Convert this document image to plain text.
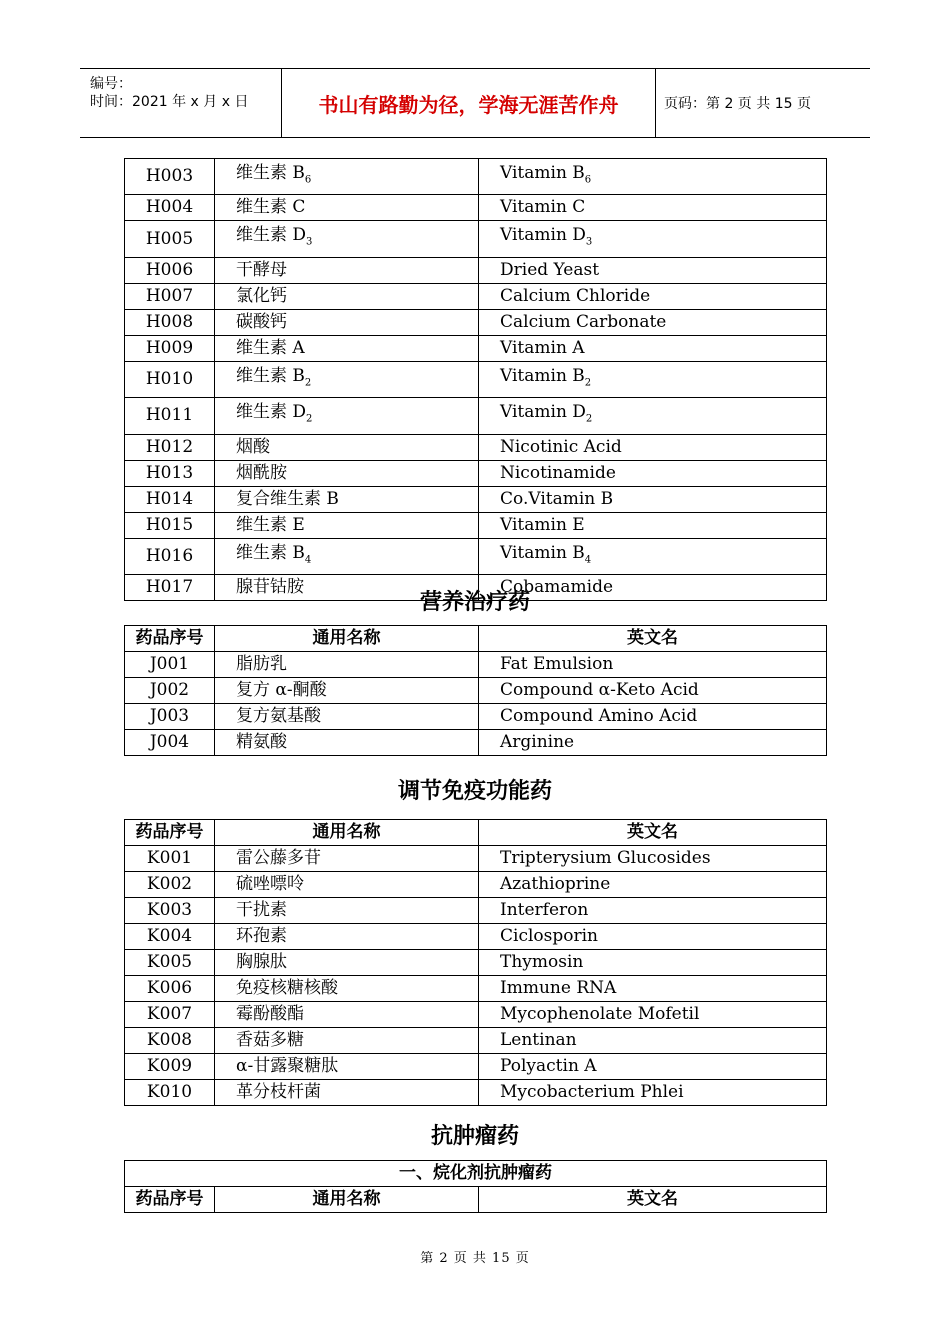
编号：
时间：2021 年 x 月 x 日	书山有路勤为径，学海无涯苦作舟	页码：第 2 页 共 15 页
H003	维生素 $B_6$	Vitamin $B_6$
H004	维生素 C	Vitamin C
H005	维生素 $D_3$	Vitamin $D_3$
H006	干酵母	Dried Yeast
H007	氯化钙	Calcium Chloride
H008	碳酸钙	Calcium Carbonate
H009	维生素 A	Vitamin A
H010	维生素 $B_2$	Vitamin $B_2$
H011	维生素 $D_2$	Vitamin $D_2$
H012	烟酸	Nicotinic Acid
H013	烟酰胺	Nicotinamide
H014	复合维生素 B	Co.Vitamin B
H015	维生素 E	Vitamin E
H016	维生素 $B_4$	Vitamin $B_4$
H017	腺苷钴胺	Cobamamide
营养治疗药
药品序号	通用名称	英文名
J001	脂肪乳	Fat Emulsion
J002	复方 α-酮酸	Compound α-Keto Acid
J003	复方氨基酸	Compound Amino Acid
J004	精氨酸	Arginine
调节免疫功能药
药品序号	通用名称	英文名
K001	雷公藤多苷	Tripterysium Glucosides
K002	硫唑嘌呤	Azathioprine
K003	干扰素	Interferon
K004	环孢素	Ciclosporin
K005	胸腺肽	Thymosin
K006	免疫核糖核酸	Immune RNA
K007	霉酚酸酯	Mycophenolate Mofetil
K008	香菇多糖	Lentinan
K009	α-甘露聚糖肽	Polyactin A
K010	革分枝杆菌	Mycobacterium Phlei
抗肿瘤药
一、烷化剂抗肿瘤药
药品序号	通用名称	英文名
第 2 页 共 15 页
